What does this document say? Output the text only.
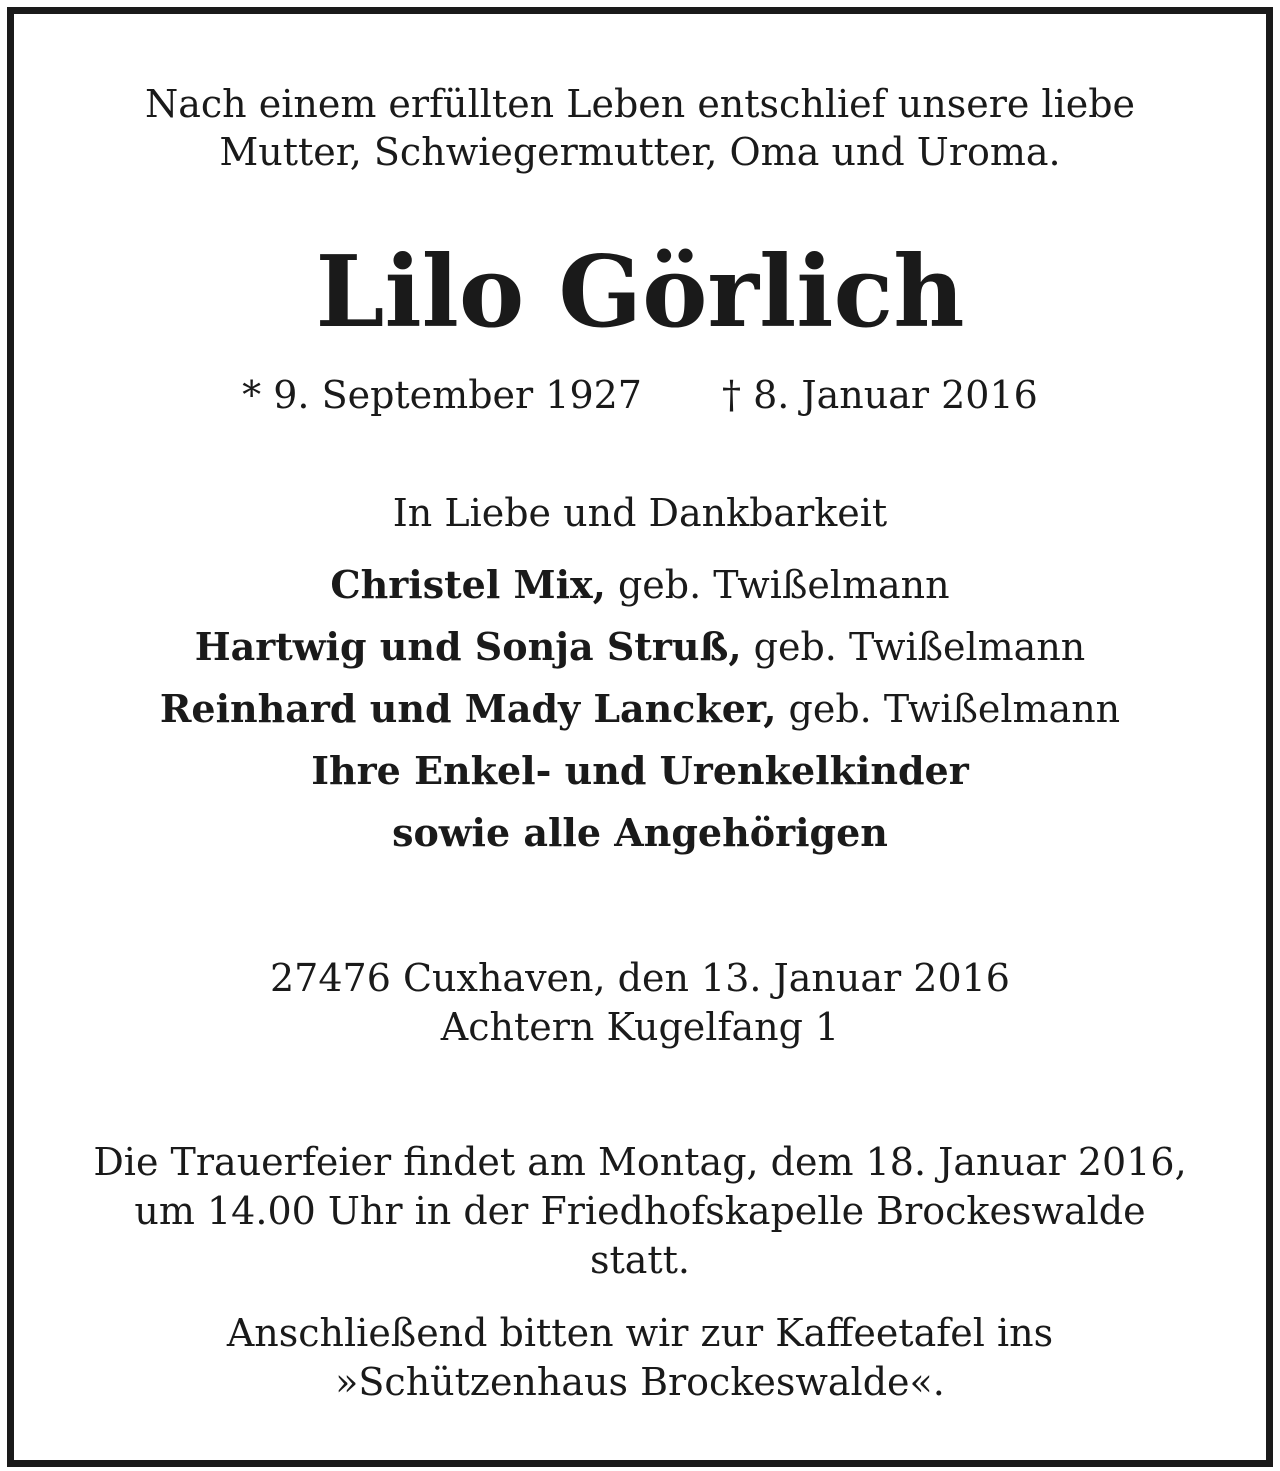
Nach einem erfüllten Leben entschlief unsere liebe
Mutter, Schwiegermutter, Oma und Uroma.
Lilo Görlich
* 9. September 1927 † 8. Januar 2016
In Liebe und Dankbarkeit
Christel Mix, geb. Twißelmann
Hartwig und Sonja Struß, geb. Twißelmann
Reinhard und Mady Lancker, geb. Twißelmann
Ihre Enkel- und Urenkelkinder
sowie alle Angehörigen
27476 Cuxhaven, den 13. Januar 2016
Achtern Kugelfang 1
Die Trauerfeier findet am Montag, dem 18. Januar 2016,
um 14.00 Uhr in der Friedhofskapelle Brockeswalde
statt.
Anschließend bitten wir zur Kaffeetafel ins
»Schützenhaus Brockeswalde«.
